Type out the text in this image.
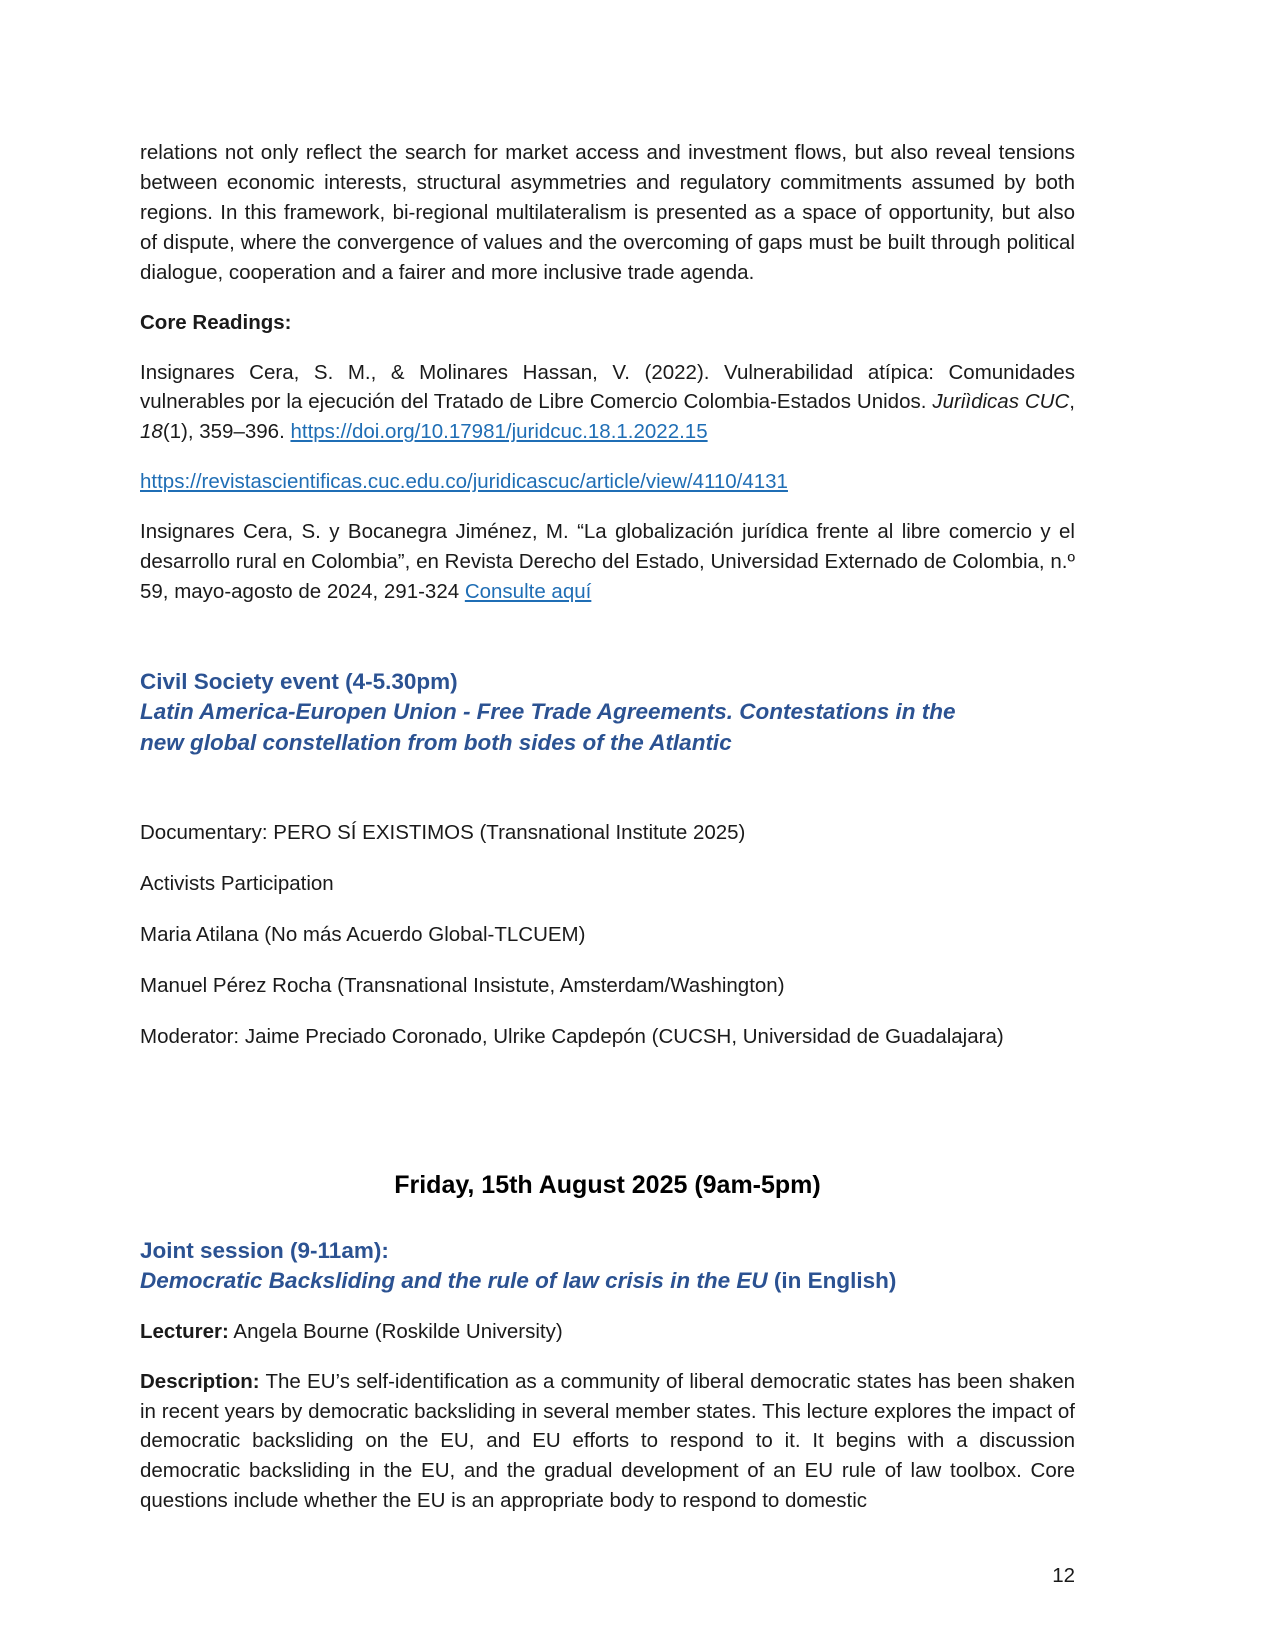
relations not only reflect the search for market access and investment flows, but also reveal tensions between economic interests, structural asymmetries and regulatory commitments assumed by both regions. In this framework, bi-regional multilateralism is presented as a space of opportunity, but also of dispute, where the convergence of values and the overcoming of gaps must be built through political dialogue, cooperation and a fairer and more inclusive trade agenda.

Core Readings:

Insignares Cera, S. M., & Molinares Hassan, V. (2022). Vulnerabilidad atípica: Comunidades vulnerables por la ejecución del Tratado de Libre Comercio Colombia-Estados Unidos. Juriìdicas CUC, 18(1), 359–396. https://doi.org/10.17981/juridcuc.18.1.2022.15

https://revistascientificas.cuc.edu.co/juridicascuc/article/view/4110/4131

Insignares Cera, S. y Bocanegra Jiménez, M. “La globalización jurídica frente al libre comercio y el desarrollo rural en Colombia”, en Revista Derecho del Estado, Universidad Externado de Colombia, n.º 59, mayo-agosto de 2024, 291-324 Consulte aquí

Civil Society event (4-5.30pm)

Latin America-Europen Union - Free Trade Agreements. Contestations in the

new global constellation from both sides of the Atlantic

Documentary: PERO SÍ EXISTIMOS (Transnational Institute 2025)

Activists Participation

Maria Atilana (No más Acuerdo Global-TLCUEM)

Manuel Pérez Rocha (Transnational Insistute, Amsterdam/Washington)

Moderator: Jaime Preciado Coronado, Ulrike Capdepón (CUCSH, Universidad de Guadalajara)

Friday, 15th August 2025 (9am-5pm)

Joint session (9-11am):

Democratic Backsliding and the rule of law crisis in the EU (in English)

Lecturer: Angela Bourne (Roskilde University)

Description: The EU’s self-identification as a community of liberal democratic states has been shaken in recent years by democratic backsliding in several member states. This lecture explores the impact of democratic backsliding on the EU, and EU efforts to respond to it. It begins with a discussion democratic backsliding in the EU, and the gradual development of an EU rule of law toolbox. Core questions include whether the EU is an appropriate body to respond to domestic

12
